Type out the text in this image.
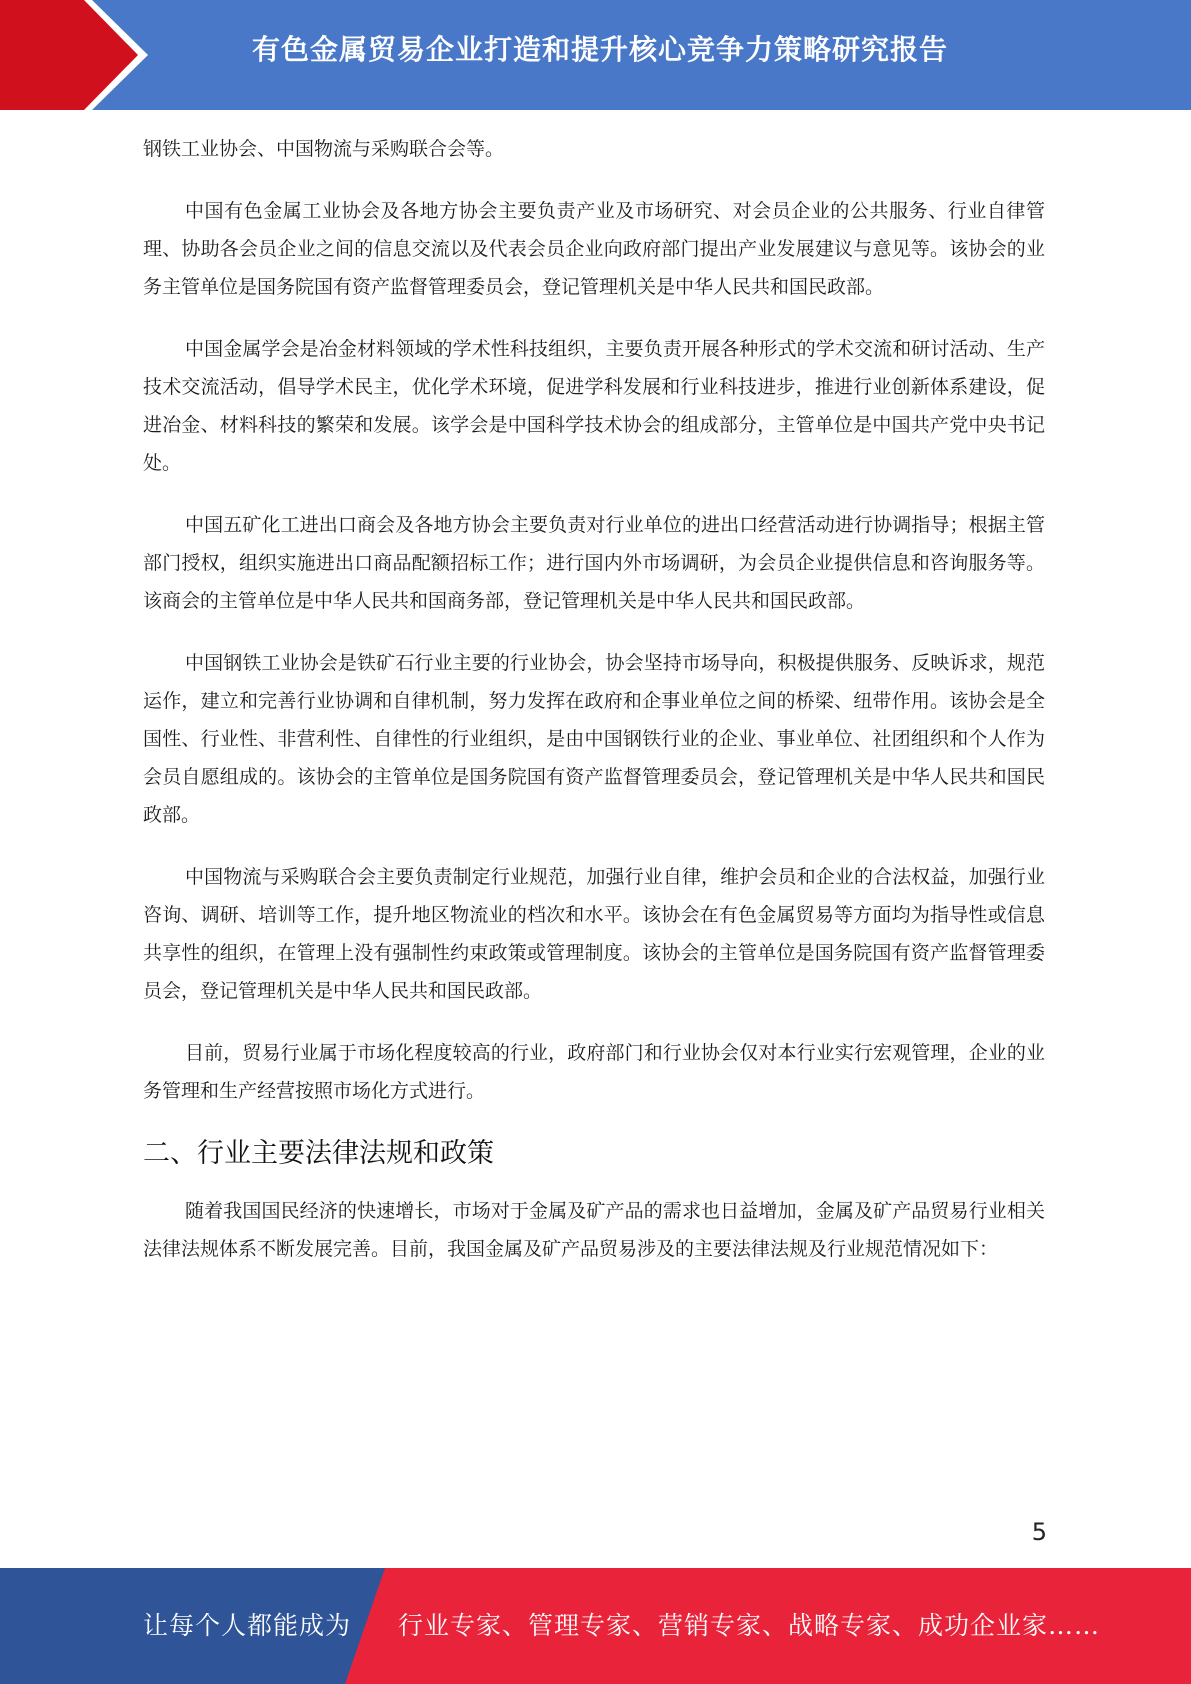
有色金属贸易企业打造和提升核心竞争力策略研究报告

钢铁工业协会、中国物流与采购联合会等。

中国有色金属工业协会及各地方协会主要负责产业及市场研究、对会员企业的公共服务、行业自律管理、协助各会员企业之间的信息交流以及代表会员企业向政府部门提出产业发展建议与意见等。该协会的业务主管单位是国务院国有资产监督管理委员会，登记管理机关是中华人民共和国民政部。

中国金属学会是冶金材料领域的学术性科技组织，主要负责开展各种形式的学术交流和研讨活动、生产技术交流活动，倡导学术民主，优化学术环境，促进学科发展和行业科技进步，推进行业创新体系建设，促进冶金、材料科技的繁荣和发展。该学会是中国科学技术协会的组成部分，主管单位是中国共产党中央书记处。

中国五矿化工进出口商会及各地方协会主要负责对行业单位的进出口经营活动进行协调指导；根据主管部门授权，组织实施进出口商品配额招标工作；进行国内外市场调研，为会员企业提供信息和咨询服务等。该商会的主管单位是中华人民共和国商务部，登记管理机关是中华人民共和国民政部。

中国钢铁工业协会是铁矿石行业主要的行业协会，协会坚持市场导向，积极提供服务、反映诉求，规范运作，建立和完善行业协调和自律机制，努力发挥在政府和企事业单位之间的桥梁、纽带作用。该协会是全国性、行业性、非营利性、自律性的行业组织，是由中国钢铁行业的企业、事业单位、社团组织和个人作为会员自愿组成的。该协会的主管单位是国务院国有资产监督管理委员会，登记管理机关是中华人民共和国民政部。

中国物流与采购联合会主要负责制定行业规范，加强行业自律，维护会员和企业的合法权益，加强行业咨询、调研、培训等工作，提升地区物流业的档次和水平。该协会在有色金属贸易等方面均为指导性或信息共享性的组织，在管理上没有强制性约束政策或管理制度。该协会的主管单位是国务院国有资产监督管理委员会，登记管理机关是中华人民共和国民政部。

目前，贸易行业属于市场化程度较高的行业，政府部门和行业协会仅对本行业实行宏观管理，企业的业务管理和生产经营按照市场化方式进行。

二、行业主要法律法规和政策

随着我国国民经济的快速增长，市场对于金属及矿产品的需求也日益增加，金属及矿产品贸易行业相关法律法规体系不断发展完善。目前，我国金属及矿产品贸易涉及的主要法律法规及行业规范情况如下：

5
让每个人都能成为 行业专家、管理专家、营销专家、战略专家、成功企业家……
